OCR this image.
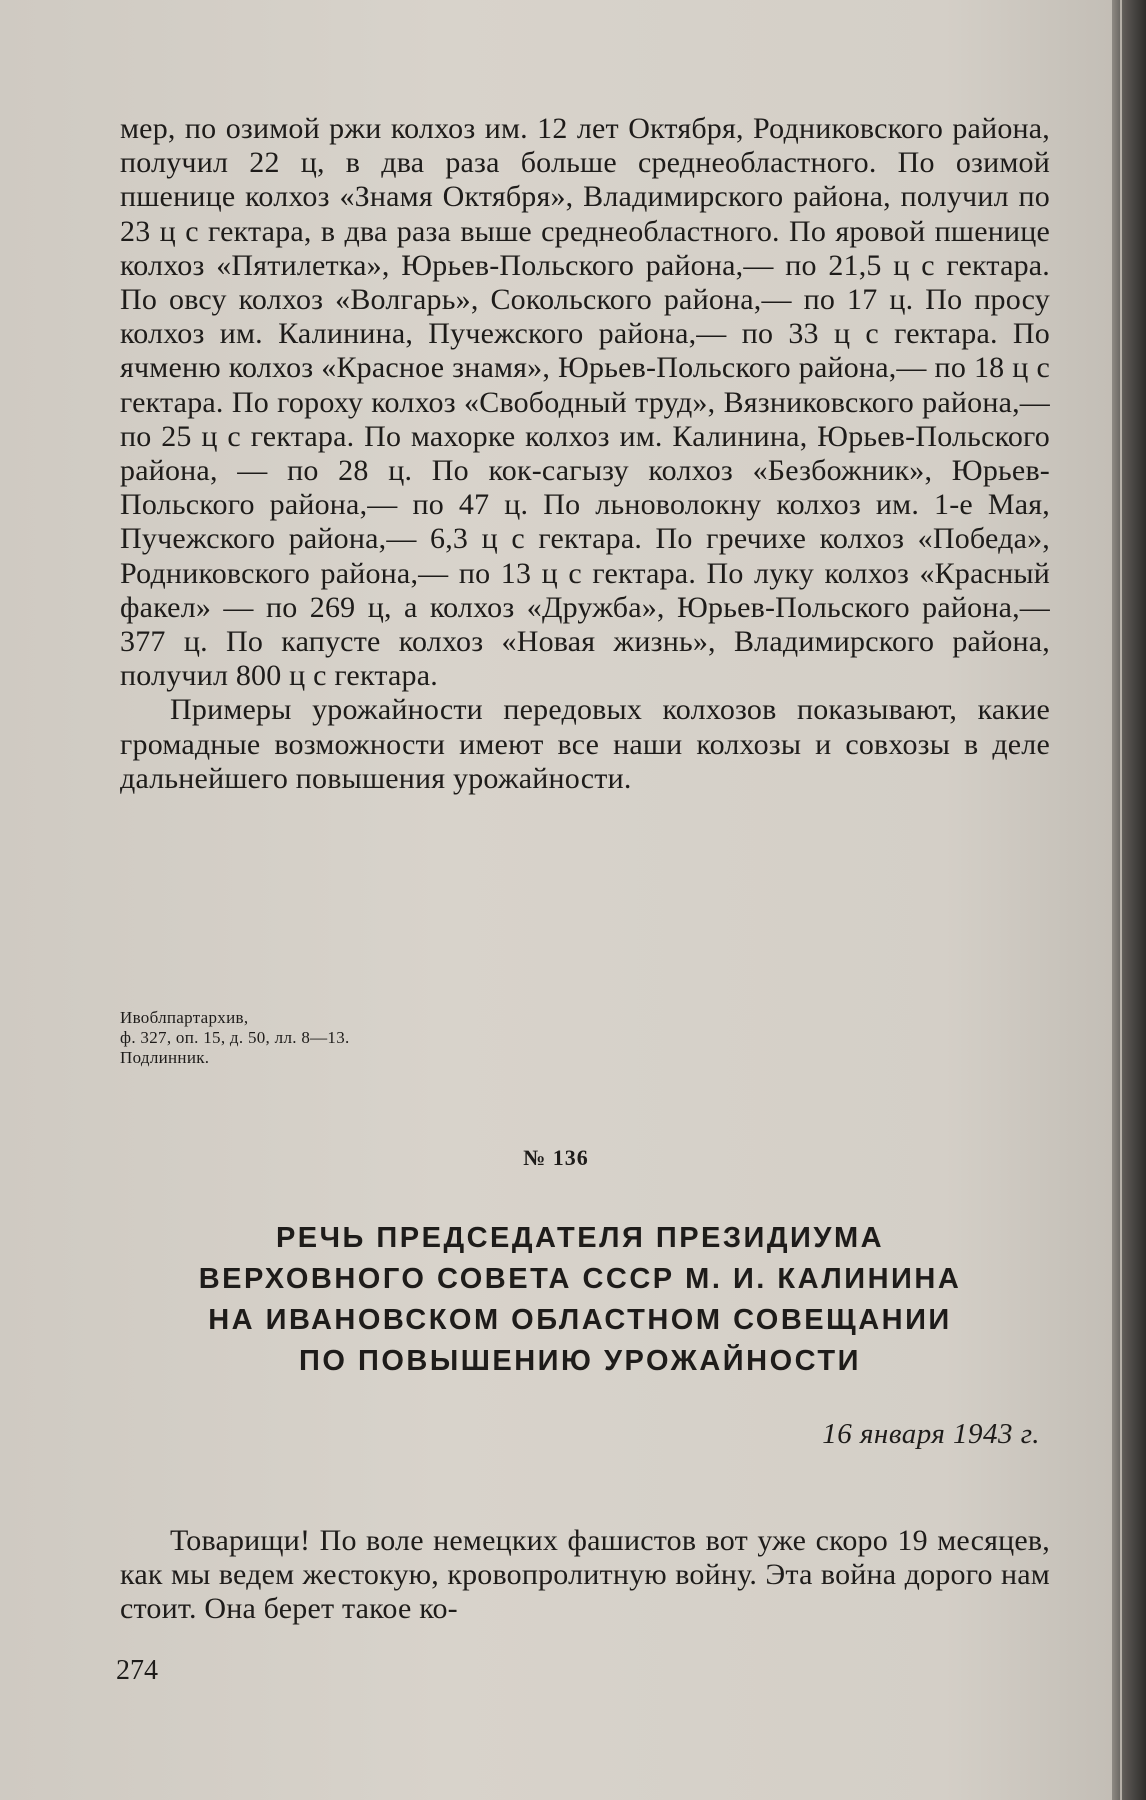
мер, по озимой ржи колхоз им. 12 лет Октября, Родниковского района, получил 22 ц, в два раза больше среднеобластного. По озимой пшенице колхоз «Знамя Октября», Владимирского района, получил по 23 ц с гектара, в два раза выше среднеобластного. По яровой пшенице колхоз «Пятилетка», Юрьев-Польского района,— по 21,5 ц с гектара. По овсу колхоз «Волгарь», Сокольского района,— по 17 ц. По просу колхоз им. Калинина, Пучежского района,— по 33 ц с гектара. По ячменю колхоз «Красное знамя», Юрьев-Польского района,— по 18 ц с гектара. По гороху колхоз «Свободный труд», Вязниковского района,— по 25 ц с гектара. По махорке колхоз им. Калинина, Юрьев-Польского района, — по 28 ц. По кок-сагызу колхоз «Безбожник», Юрьев-Польского района,— по 47 ц. По льноволокну колхоз им. 1-е Мая, Пучежского района,— 6,3 ц с гектара. По гречихе колхоз «Победа», Родниковского района,— по 13 ц с гектара. По луку колхоз «Красный факел» — по 269 ц, а колхоз «Дружба», Юрьев-Польского района,— 377 ц. По капусте колхоз «Новая жизнь», Владимирского района, получил 800 ц с гектара.

Примеры урожайности передовых колхозов показывают, какие громадные возможности имеют все наши колхозы и совхозы в деле дальнейшего повышения урожайности.

Ивоблпартархив,
ф. 327, оп. 15, д. 50, лл. 8—13.
Подлинник.
№ 136
РЕЧЬ ПРЕДСЕДАТЕЛЯ ПРЕЗИДИУМА
ВЕРХОВНОГО СОВЕТА СССР М. И. КАЛИНИНА
НА ИВАНОВСКОМ ОБЛАСТНОМ СОВЕЩАНИИ
ПО ПОВЫШЕНИЮ УРОЖАЙНОСТИ
16 января 1943 г.

Товарищи! По воле немецких фашистов вот уже скоро 19 месяцев, как мы ведем жестокую, кровопролитную войну. Эта война дорого нам стоит. Она берет такое ко-

274
